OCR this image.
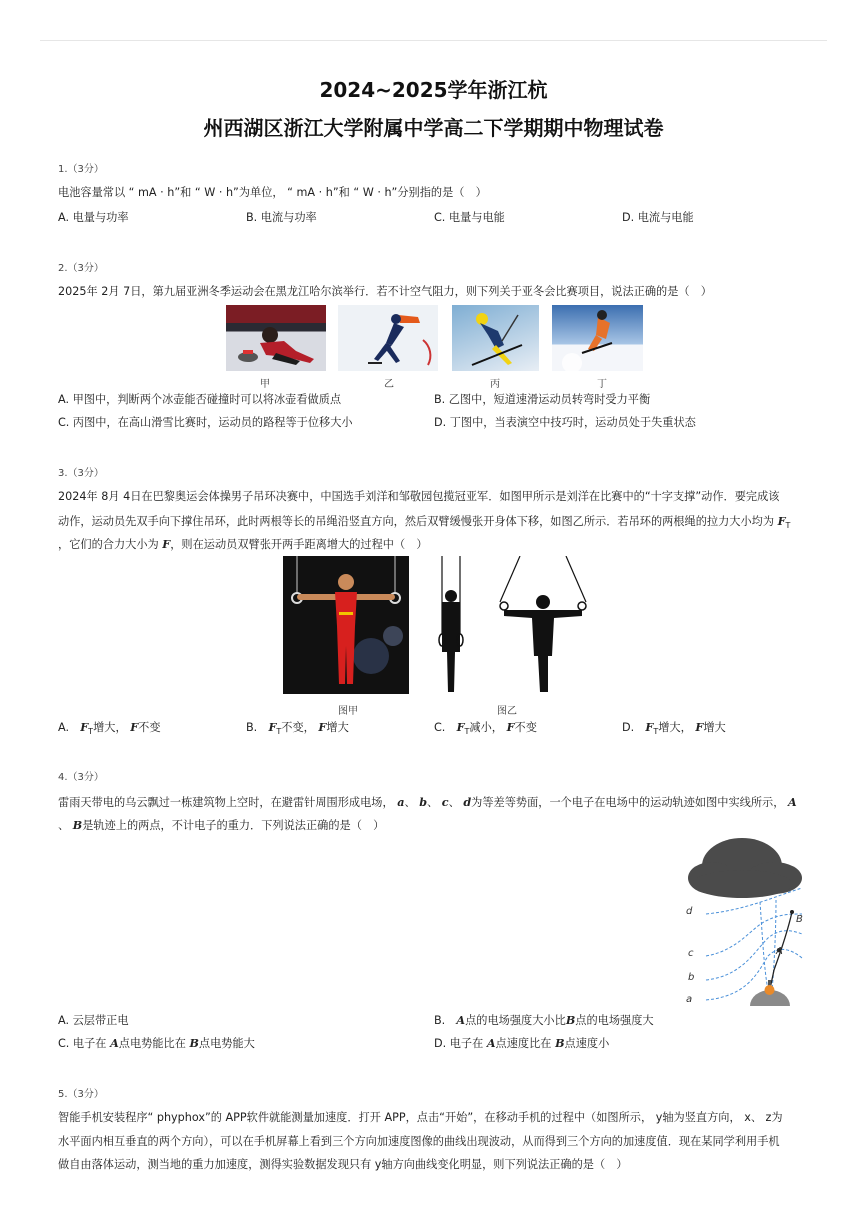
2024~2025学年浙江杭
州西湖区浙江大学附属中学高二下学期期中物理试卷
1.（3分）
电池容量常以 “ mA · h”和 “ W · h”为单位， “ mA · h”和 “ W · h”分别指的是（　）
A. 电量与功率	B. 电流与功率	C. 电量与电能	D. 电流与电能
2.（3分）
2025年 2月 7日，第九届亚洲冬季运动会在黑龙江哈尔滨举行．若不计空气阻力，则下列关于亚冬会比赛项目，说法正确的是（　）
甲	乙	丙	丁
A. 甲图中，判断两个冰壶能否碰撞时可以将冰壶看做质点	B. 乙图中，短道速滑运动员转弯时受力平衡
C. 丙图中，在高山滑雪比赛时，运动员的路程等于位移大小	D. 丁图中，当表演空中技巧时，运动员处于失重状态
3.（3分）
2024年 8月 4日在巴黎奥运会体操男子吊环决赛中，中国选手刘洋和邹敬园包揽冠亚军．如图甲所示是刘洋在比赛中的“十字支撑”动作．要完成该
动作，运动员先双手向下撑住吊环，此时两根等长的吊绳沿竖直方向，然后双臂缓慢张开身体下移，如图乙所示．若吊环的两根绳的拉力大小均为 $F_T$
，它们的合力大小为 F，则在运动员双臂张开两手距离增大的过程中（　）
图甲	图乙
A.　 $F_T$增大， F不变	B.　 $F_T$不变， F增大	C.　 $F_T$减小， F不变	D.　 $F_T$增大， F增大
4.（3分）
雷雨天带电的乌云飘过一栋建筑物上空时，在避雷针周围形成电场， a、 b、 c、 d为等差等势面，一个电子在电场中的运动轨迹如图中实线所示， A
、 B是轨迹上的两点，不计电子的重力．下列说法正确的是（　）
d
c
b
a
A
B
A. 云层带正电	B.　A点的电场强度大小比B点的电场强度大
C. 电子在 A点电势能比在 B点电势能大	D. 电子在 A点速度比在 B点速度小
5.（3分）
智能手机安装程序“ phyphox”的 APP软件就能测量加速度．打开 APP，点击“开始”，在移动手机的过程中（如图所示， y轴为竖直方向， x、 z为
水平面内相互垂直的两个方向），可以在手机屏幕上看到三个方向加速度图像的曲线出现波动，从而得到三个方向的加速度值．现在某同学利用手机
做自由落体运动，测当地的重力加速度，测得实验数据发现只有 y轴方向曲线变化明显，则下列说法正确的是（　）
